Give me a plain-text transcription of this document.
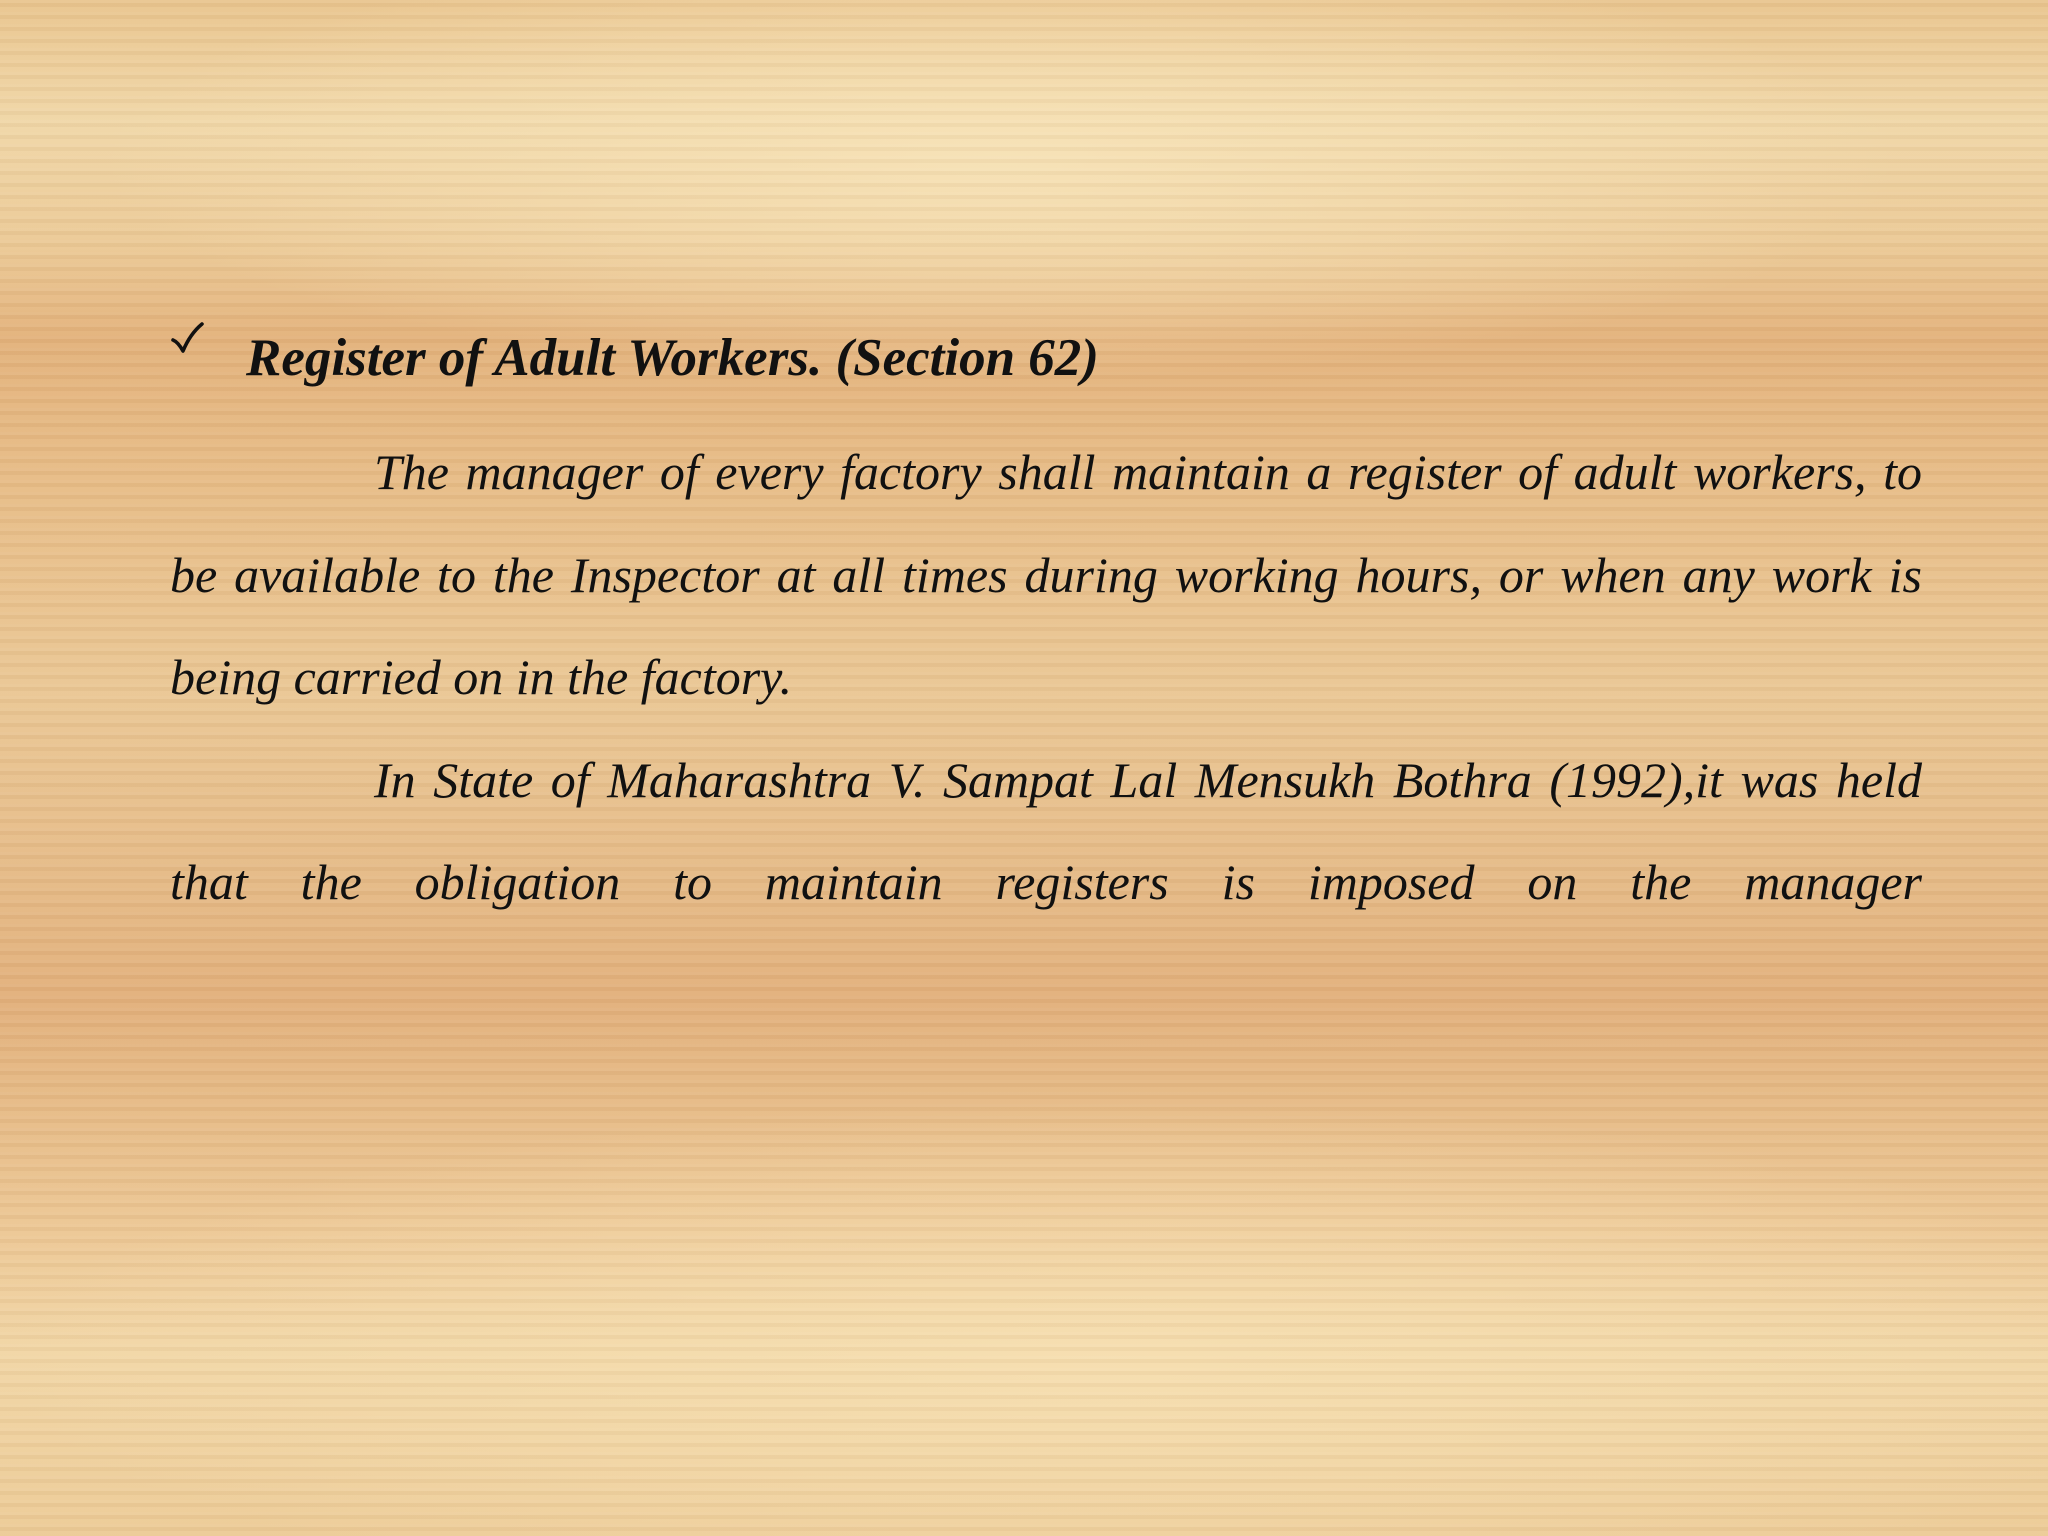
Register of Adult Workers. (Section 62)

The manager of every factory shall maintain a register of adult workers, to be available to the Inspector at all times during working hours, or when any work is being carried on in the factory.

In State of Maharashtra V. Sampat Lal Mensukh Bothra (1992),it was held that the obligation to maintain registers is imposed on the manager
